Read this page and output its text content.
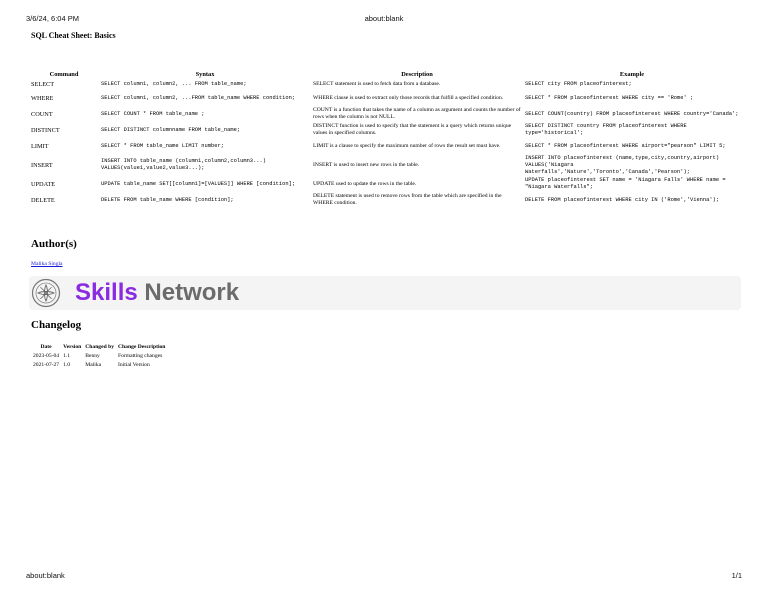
3/6/24, 6:04 PM	about:blank
SQL Cheat Sheet: Basics
Command	Syntax	Description	Example
SELECT	SELECT column1, column2, ... FROM table_name;	SELECT statement is used to fetch data from a database.	SELECT city FROM placeofinterest;
WHERE	SELECT column1, column2, ...FROM table_name WHERE condition;	WHERE clause is used to extract only those records that fulfill a specified condition.	SELECT * FROM placeofinterest WHERE city == 'Rome' ;
COUNT	SELECT COUNT * FROM table_name ;	COUNT is a function that takes the name of a column as argument and counts the number of rows when the column is not NULL.	SELECT COUNT(country) FROM placeofinterest WHERE country='Canada';
DISTINCT	SELECT DISTINCT columnname FROM table_name;	DISTINCT function is used to specify that the statement is a query which returns unique values in specified columns.	SELECT DISTINCT country FROM placeofinterest WHERE type='historical';
LIMIT	SELECT * FROM table_name LIMIT number;	LIMIT is a clause to specify the maximum number of rows the result set must have.	SELECT * FROM placeofinterest WHERE airport="pearson" LIMIT 5;
INSERT	INSERT INTO table_name (column1,column2,column3...) VALUES(value1,value2,value3...);	INSERT is used to insert new rows in the table.	INSERT INTO placeofinterest (name,type,city,country,airport) VALUES('Niagara Waterfalls','Nature','Toronto','Canada','Pearson');
UPDATE	UPDATE table_name SET[[column1]=[VALUES]] WHERE [condition];	UPDATE used to update the rows in the table.	UPDATE placeofinterest SET name = 'Niagara Falls' WHERE name = "Niagara Waterfalls";
DELETE	DELETE FROM table_name WHERE [condition];	DELETE statement is used to remove rows from the table which are specified in the WHERE condition.	DELETE FROM placeofinterest WHERE city IN ('Rome','Vienna');
Author(s)
Malika Singla
Skills Network
Changelog
Date	Version	Changed by	Change Description
2023-05-04	1.1	Benny	Formatting changes
2021-07-27	1.0	Malika	Initial Version
about:blank	1/1
